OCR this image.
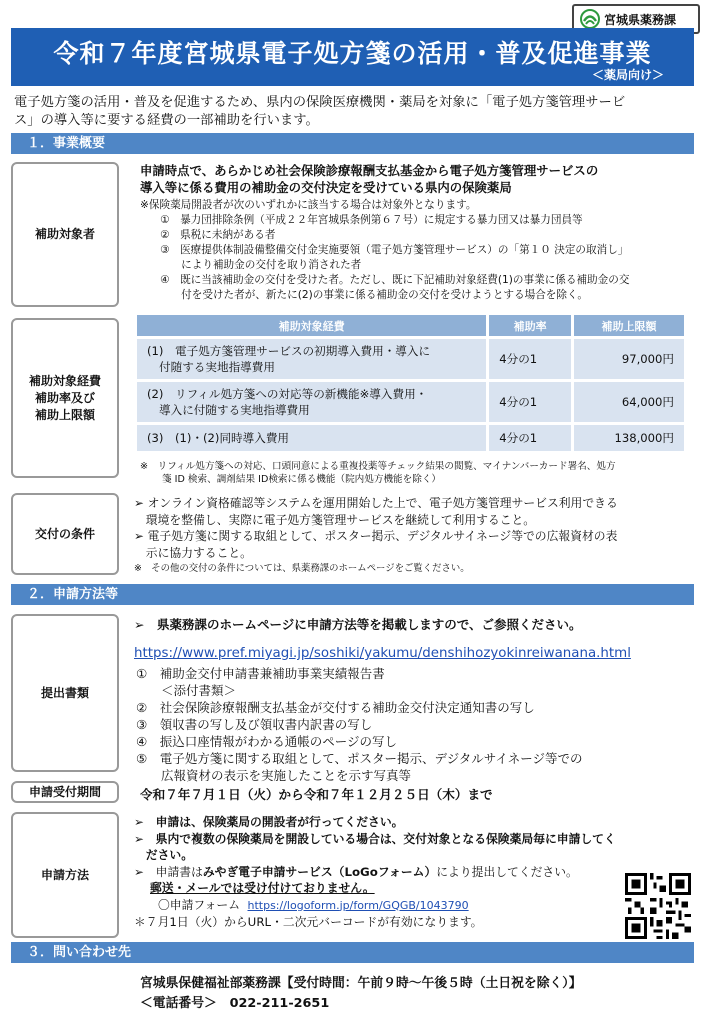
宮城県薬務課
令和７年度宮城県電子処方箋の活用・普及促進事業
＜薬局向け＞
電子処方箋の活用・普及を促進するため、県内の保険医療機関・薬局を対象に「電子処方箋管理サービ
ス」の導入等に要する経費の一部補助を行います。
１．事業概要
補助対象者
申請時点で、あらかじめ社会保険診療報酬支払基金から電子処方箋管理サービスの
導入等に係る費用の補助金の交付決定を受けている県内の保険薬局
※保険薬局開設者が次のいずれかに該当する場合は対象外となります。
①　暴力団排除条例（平成２２年宮城県条例第６７号）に規定する暴力団又は暴力団員等
②　県税に未納がある者
③　医療提供体制設備整備交付金実施要領（電子処方箋管理サービス）の「第１０ 決定の取消し」
　　により補助金の交付を取り消された者
④　既に当該補助金の交付を受けた者。ただし、既に下記補助対象経費(1)の事業に係る補助金の交
　　付を受けた者が、新たに(2)の事業に係る補助金の交付を受けようとする場合を除く。
補助対象経費
補助率及び
補助上限額
補助対象経費	補助率	補助上限額

(1)　電子処方箋管理サービスの初期導入費用・導入に
付随する実地指導費用	4分の1	97,000円

(2)　リフィル処方箋への対応等の新機能※導入費用・
導入に付随する実地指導費用	4分の1	64,000円
(3)　(1)・(2)同時導入費用	4分の1	138,000円
※　リフィル処方箋への対応、口頭同意による重複投薬等チェック結果の閲覧、マイナンバーカード署名、処方
箋 ID 検索、調剤結果 ID検索に係る機能（院内処方機能を除く）
交付の条件
➢ オンライン資格確認等システムを運用開始した上で、電子処方箋管理サービス利用できる
　環境を整備し、実際に電子処方箋管理サービスを継続して利用すること。
➢ 電子処方箋に関する取組として、ポスター掲示、デジタルサイネージ等での広報資材の表
　示に協力すること。
※　その他の交付の条件については、県薬務課のホームページをご覧ください。
２．申請方法等
提出書類
➢　県薬務課のホームページに申請方法等を掲載しますので、ご参照ください。
https://www.pref.miyagi.jp/soshiki/yakumu/denshihozyokinreiwanana.html
①　補助金交付申請書兼補助事業実績報告書
　　＜添付書類＞
②　社会保険診療報酬支払基金が交付する補助金交付決定通知書の写し
③　領収書の写し及び領収書内訳書の写し
④　振込口座情報がわかる通帳のページの写し
⑤　電子処方箋に関する取組として、ポスター掲示、デジタルサイネージ等での
　　広報資材の表示を実施したことを示す写真等
申請受付期間	令和７年７月１日（火）から令和７年１２月２５日（木）まで
申請方法
➢　申請は、保険薬局の開設者が行ってください。
➢　県内で複数の保険薬局を開設している場合は、交付対象となる保険薬局毎に申請してく
　ださい。
➢　申請書はみやぎ電子申請サービス（LoGoフォーム）により提出してください。
郵送・メールでは受け付けておりません。
〇申請フォーム https://logoform.jp/form/GQGB/1043790
＊７月1日（火）からURL・二次元バーコードが有効になります。
３．問い合わせ先
宮城県保健福祉部薬務課【受付時間：午前９時～午後５時（土日祝を除く）】
＜電話番号＞　022-211-2651
